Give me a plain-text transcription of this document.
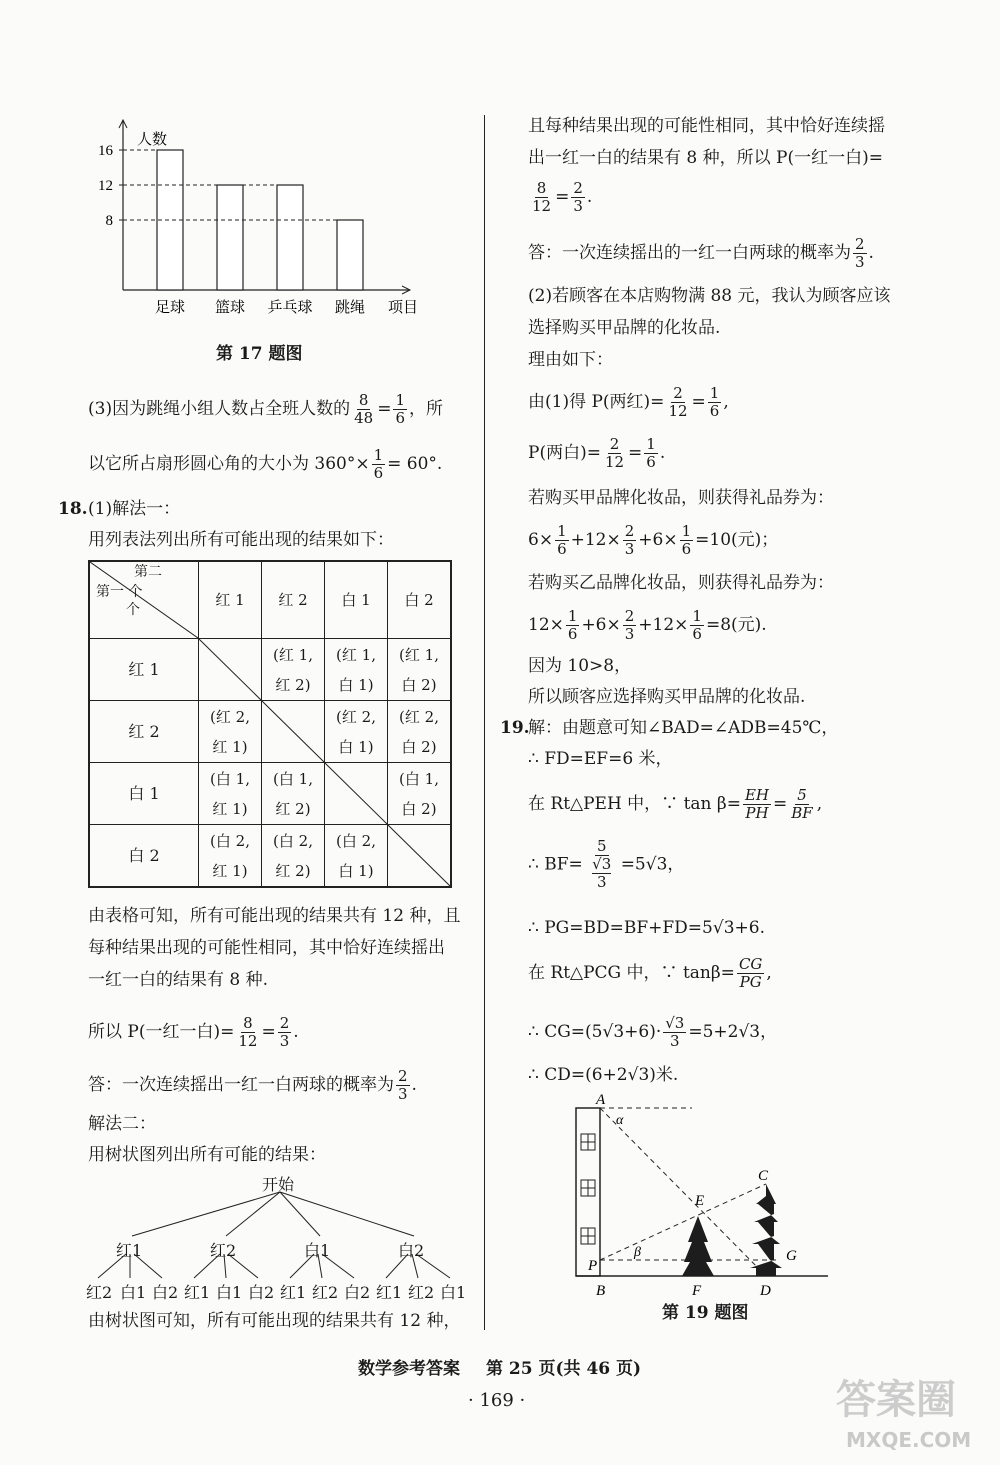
人数
项目
足球 篮球 乒乓球 跳绳
16
12
8
第 17 题图
(3)因为跳绳小组人数占全班人数的 $\frac{8}{48} = \frac{1}{6}$ ，所
以它所占扇形圆心角的大小为 $360^\circ\times \frac{1}{6} = 60^\circ$.
18. (1)解法一：
用列表法列出所有可能出现的结果如下：
第二
第一 个
个	红 1	红 2	白 1	白 2
红 1		(红 1,
红 2)	(红 1,
白 1)	(红 1,
白 2)

红 2	(红 2,
红 1)		(红 2,
白 1)	(红 2,
白 2)

白 1	(白 1,
红 1)	(白 1,
红 2)		(白 1,
白 2)

白 2	(白 2,
红 1)	(白 2,
红 2)	(白 2,
白 1)

由表格可知，所有可能出现的结果共有 12 种，且
每种结果出现的可能性相同，其中恰好连续摇出
一红一白的结果有 8 种.
所以 P(一红一白)= $\frac{8}{12} = \frac{2}{3}$ .
答：一次连续摇出一红一白两球的概率为 $\frac{2}{3}$ .
解法二：
用树状图列出所有可能的结果：
开始
红1	红2	白1	白2
红2 白1 白2 红1 白1 白2 红1 红2 白2 红1 红2 白1
由树状图可知，所有可能出现的结果共有 12 种，
且每种结果出现的可能性相同，其中恰好连续摇
出一红一白的结果有 8 种，所以 P(一红一白)=
$\frac{8}{12} = \frac{2}{3}$ .
答：一次连续摇出的一红一白两球的概率为 $\frac{2}{3}$ .
(2)若顾客在本店购物满 88 元，我认为顾客应该
选择购买甲品牌的化妆品.
理由如下：
由(1)得 P(两红)= $\frac{2}{12} = \frac{1}{6}$ ,
P(两白)= $\frac{2}{12} = \frac{1}{6}$ .
若购买甲品牌化妆品，则获得礼品券为：
$6\times \frac{1}{6} +12\times \frac{2}{3} +6\times \frac{1}{6} =10$(元)；
若购买乙品牌化妆品，则获得礼品券为：
$12\times \frac{1}{6} +6\times \frac{2}{3} +12\times \frac{1}{6} =8$(元).
因为 10>8，
所以顾客应选择购买甲品牌的化妆品.
19.
解：由题意可知∠BAD=∠ADB=45℃，
∴ FD=EF=6 米，
在 Rt△PEH 中，∵ $\tan \beta= \frac{EH}{PH} = \frac{5}{BF}$ ,
∴ BF= 5
√3
3 =5√3，
∴ PG=BD=BF+FD=5√3+6.
在 Rt△PCG 中，∵ $\tan\beta= \frac{CG}{PG}$ ,
∴ $CG=(5√3+6)\cdot \frac{√3}{3} =5+2√3$，
∴ CD=(6+2√3)米.
A
α
C
E
β	G
P
B	F	D
第 19 题图
数学参考答案 第 25 页(共 46 页)
· 169 ·	答案圈
MXQE.COM
